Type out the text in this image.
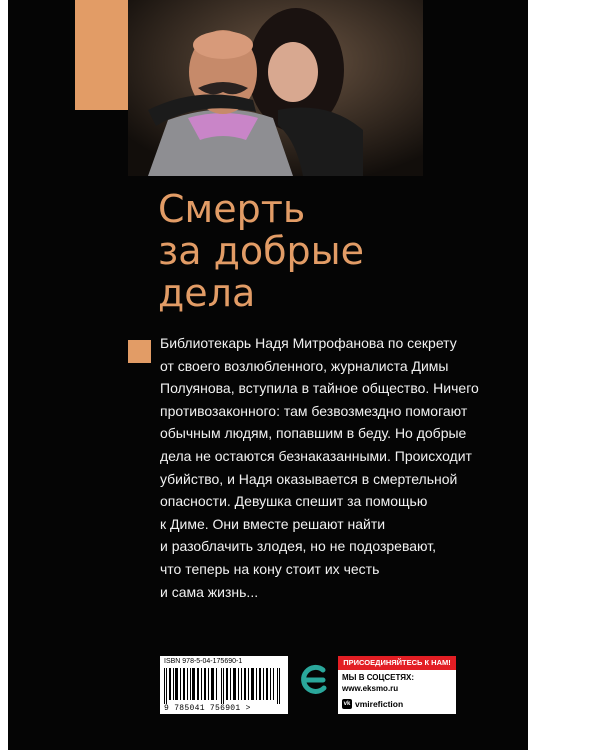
Смерть
за добрые
дела
Библиотекарь Надя Митрофанова по секрету
от своего возлюбленного, журналиста Димы
Полуянова, вступила в тайное общество. Ничего
противозаконного: там безвозмездно помогают
обычным людям, попавшим в беду. Но добрые
дела не остаются безнаказанными. Происходит
убийство, и Надя оказывается в смертельной
опасности. Девушка спешит за помощью
к Диме. Они вместе решают найти
и разоблачить злодея, но не подозревают,
что теперь на кону стоит их честь
и сама жизнь...
ISBN 978-5-04-175690-1
9 785041 756901 >
ПРИСОЕДИНЯЙТЕСЬ К НАМ!
МЫ В СОЦСЕТЯХ:
www.eksmo.ru
vk vmirefiction
